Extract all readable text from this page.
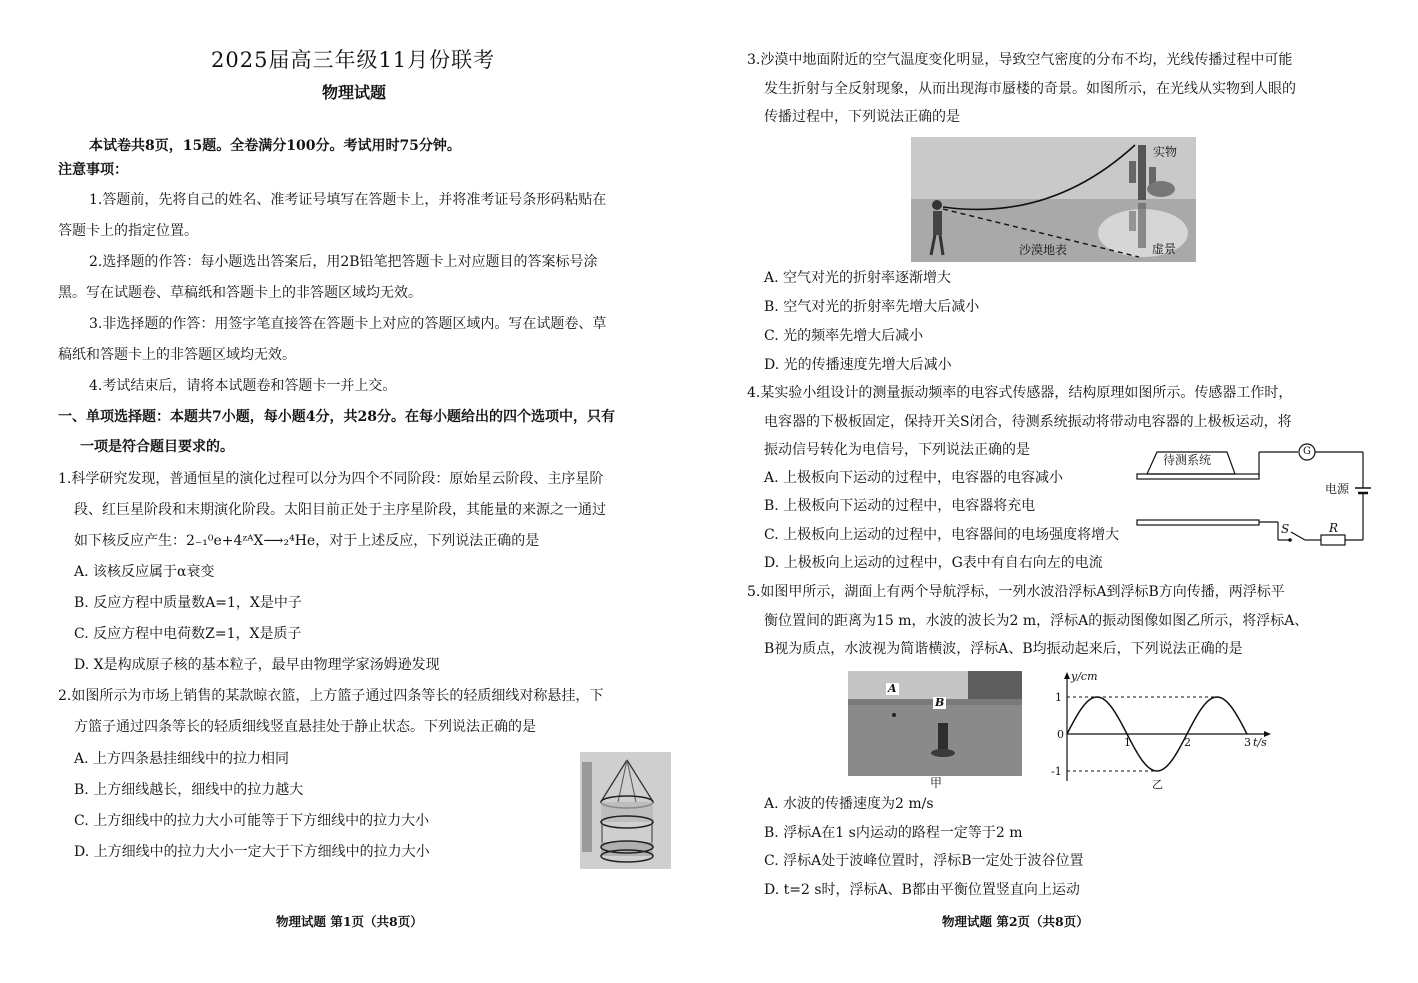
2025届高三年级11月份联考
物理试题
本试卷共8页，15题。全卷满分100分。考试用时75分钟。
注意事项：
1.答题前，先将自己的姓名、准考证号填写在答题卡上，并将准考证号条形码粘贴在
答题卡上的指定位置。
2.选择题的作答：每小题选出答案后，用2B铅笔把答题卡上对应题目的答案标号涂
黑。写在试题卷、草稿纸和答题卡上的非答题区域均无效。
3.非选择题的作答：用签字笔直接答在答题卡上对应的答题区域内。写在试题卷、草
稿纸和答题卡上的非答题区域均无效。
4.考试结束后，请将本试题卷和答题卡一并上交。
一、单项选择题：本题共7小题，每小题4分，共28分。在每小题给出的四个选项中，只有
一项是符合题目要求的。
1.科学研究发现，普通恒星的演化过程可以分为四个不同阶段：原始星云阶段、主序星阶
段、红巨星阶段和末期演化阶段。太阳目前正处于主序星阶段，其能量的来源之一通过
如下核反应产生：2₋₁⁰e+4ᶻᴬX⟶₂⁴He，对于上述反应，下列说法正确的是
A. 该核反应属于α衰变
B. 反应方程中质量数A=1，X是中子
C. 反应方程中电荷数Z=1，X是质子
D. X是构成原子核的基本粒子，最早由物理学家汤姆逊发现
2.如图所示为市场上销售的某款晾衣篮，上方篮子通过四条等长的轻质细线对称悬挂，下
方篮子通过四条等长的轻质细线竖直悬挂处于静止状态。下列说法正确的是
A. 上方四条悬挂细线中的拉力相同
B. 上方细线越长，细线中的拉力越大
C. 上方细线中的拉力大小可能等于下方细线中的拉力大小
D. 上方细线中的拉力大小一定大于下方细线中的拉力大小
物理试题 第1页（共8页）
3.沙漠中地面附近的空气温度变化明显，导致空气密度的分布不均，光线传播过程中可能
发生折射与全反射现象，从而出现海市蜃楼的奇景。如图所示，在光线从实物到人眼的
传播过程中，下列说法正确的是
实物
沙漠地表	虚景
A. 空气对光的折射率逐渐增大
B. 空气对光的折射率先增大后减小
C. 光的频率先增大后减小
D. 光的传播速度先增大后减小
4.某实验小组设计的测量振动频率的电容式传感器，结构原理如图所示。传感器工作时，
电容器的下极板固定，保持开关S闭合，待测系统振动将带动电容器的上极板运动，将
振动信号转化为电信号，下列说法正确的是
A. 上极板向下运动的过程中，电容器的电容减小
B. 上极板向下运动的过程中，电容器将充电
C. 上极板向上运动的过程中，电容器间的电场强度将增大
D. 上极板向上运动的过程中，G表中有自右向左的电流
待测系统
G
电源
S	R
5.如图甲所示，湖面上有两个导航浮标，一列水波沿浮标A到浮标B方向传播，两浮标平
衡位置间的距离为15 m，水波的波长为2 m，浮标A的振动图像如图乙所示，将浮标A、
B视为质点，水波视为简谐横波，浮标A、B均振动起来后，下列说法正确的是
A
B
甲
1	2	3
1
0
-1
y/cm
t/s
乙
A. 水波的传播速度为2 m/s
B. 浮标A在1 s内运动的路程一定等于2 m
C. 浮标A处于波峰位置时，浮标B一定处于波谷位置
D. t=2 s时，浮标A、B都由平衡位置竖直向上运动
物理试题 第2页（共8页）
